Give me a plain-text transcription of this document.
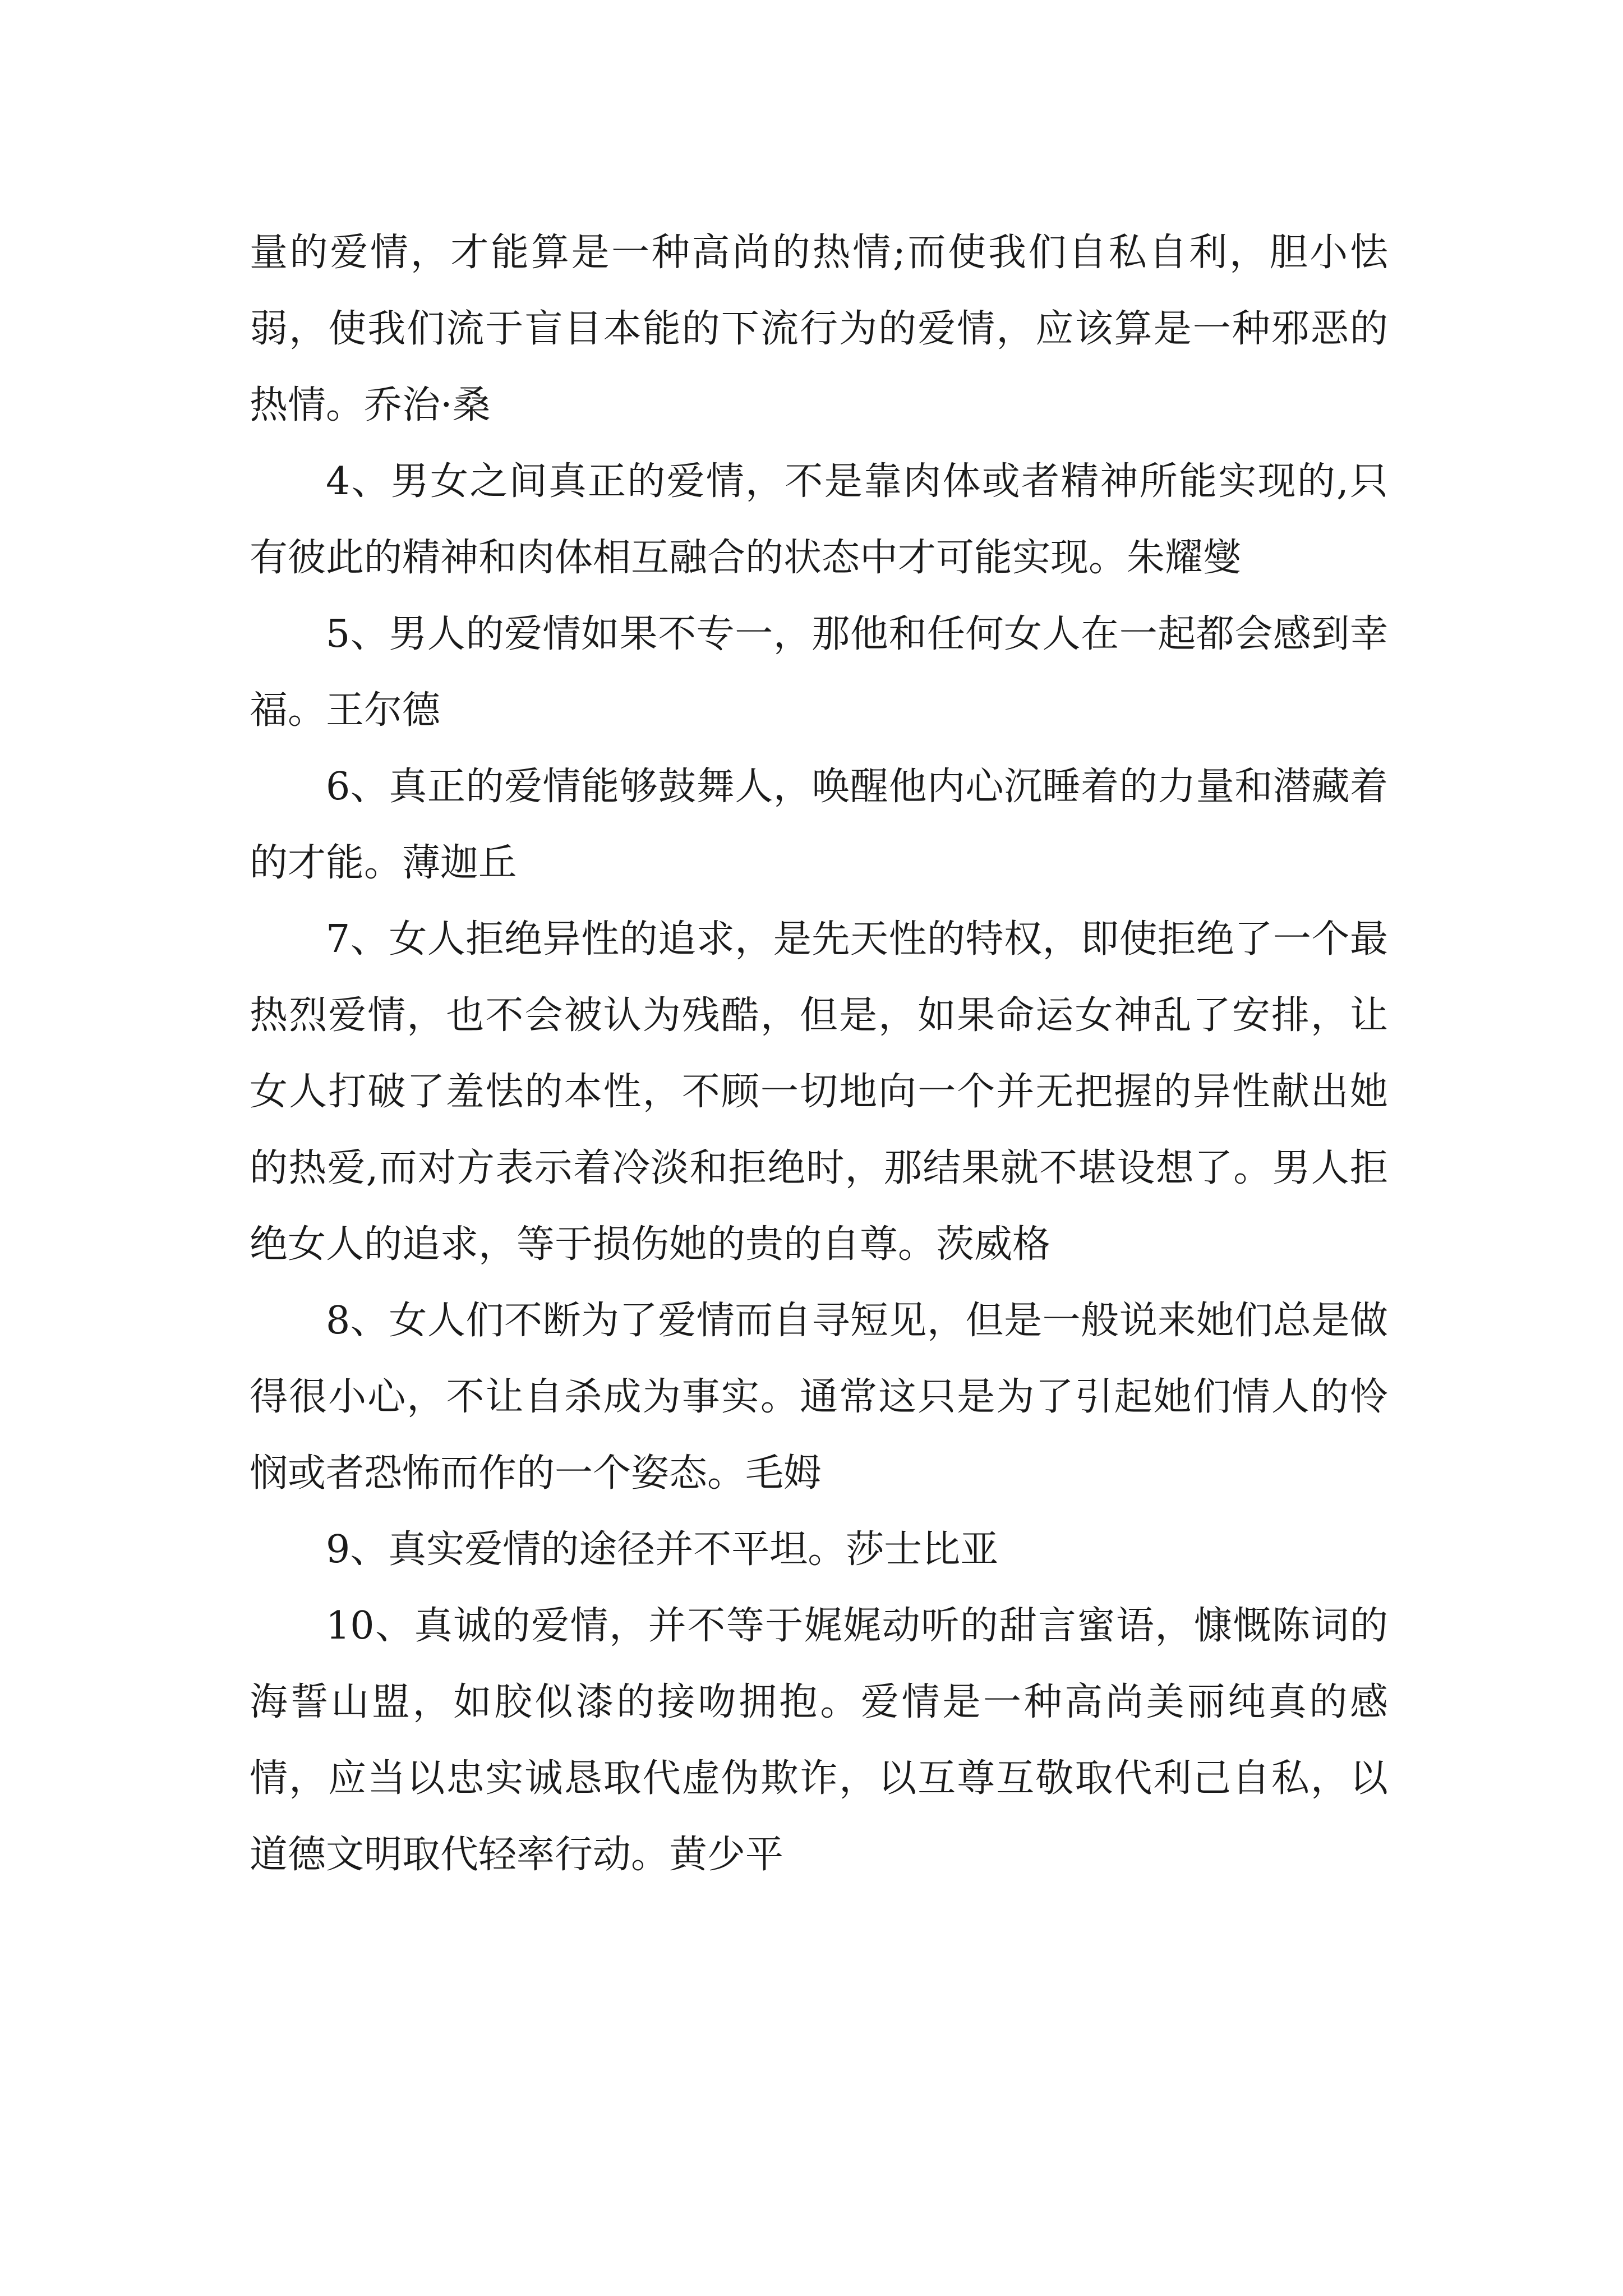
量的爱情，才能算是一种高尚的热情;而使我们自私自利，胆小怯弱，使我们流于盲目本能的下流行为的爱情，应该算是一种邪恶的热情。乔治·桑

4、男女之间真正的爱情，不是靠肉体或者精神所能实现的,只有彼此的精神和肉体相互融合的状态中才可能实现。朱耀燮

5、男人的爱情如果不专一，那他和任何女人在一起都会感到幸福。王尔德

6、真正的爱情能够鼓舞人，唤醒他内心沉睡着的力量和潜藏着的才能。薄迦丘

7、女人拒绝异性的追求，是先天性的特权，即使拒绝了一个最热烈爱情，也不会被认为残酷，但是，如果命运女神乱了安排，让女人打破了羞怯的本性，不顾一切地向一个并无把握的异性献出她的热爱,而对方表示着冷淡和拒绝时，那结果就不堪设想了。男人拒绝女人的追求，等于损伤她的贵的自尊。茨威格

8、女人们不断为了爱情而自寻短见，但是一般说来她们总是做得很小心，不让自杀成为事实。通常这只是为了引起她们情人的怜悯或者恐怖而作的一个姿态。毛姆

9、真实爱情的途径并不平坦。莎士比亚

10、真诚的爱情，并不等于娓娓动听的甜言蜜语，慷慨陈词的海誓山盟，如胶似漆的接吻拥抱。爱情是一种高尚美丽纯真的感情，应当以忠实诚恳取代虚伪欺诈，以互尊互敬取代利己自私，以道德文明取代轻率行动。黄少平
